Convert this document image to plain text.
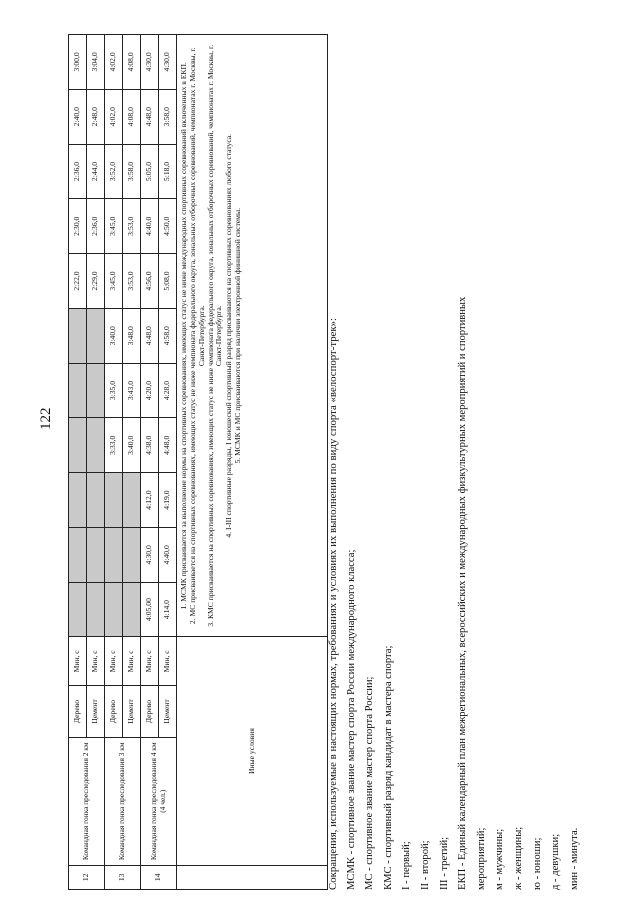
122
12	Командная гонка преследования 2 км	Дерево	Мин, с							2:22,0	2:30,0	2:36,0	2:40,0	3:00,0
		Цемент	Мин, с							2:29,0	2:36,0	2:44,0	2:48,0	3:04,0
13	Командная гонка преследования 3 км	Дерево	Мин, с				3:33,0	3:35,0	3:40,0	3:45,0	3:45,0	3:52,0	4:02,0	4:02,0
		Цемент	Мин, с				3:40,0	3:43,0	3:48,0	3:53,0	3:53,0	3:58,0	4:08,0	4:08,0
14	Командная гонка преследования 4 км (4 чел.)	Дерево	Мин, с	4:05,00	4:30,0	4:12,0	4:38,0	4:20,0	4:48,0	4:56,0	4:40,0	5:05,0	4:48,0	4:30,0
		Цемент	Мин, с	4:14,0	4:40,0	4:19,0	4:48,0	4:28,0	4:58,0	5:08,0	4:50,0	5:18,0	3:58,0	4:30,0
	Иные условия			1. МСМК присваивается за выполнение нормы на спортивных соревнованиях, имеющих статус не ниже международных спортивных соревнований включенных в ЕКП. 2. МС присваивается на спортивных соревнованиях, имеющих статус не ниже чемпионата федерального округа, зональных отборочных соревнований, чемпионатах г. Москвы, г. Санкт-Петербурга. 3. КМС присваивается на спортивных соревнованиях, имеющих статус не ниже чемпионата федерального округа, зональных отборочных соревнований, чемпионатах г. Москвы, г. Санкт-Петербурга. 4. I-III спортивные разряды, I юношеский спортивный разряд присваиваются на спортивных соревнованиях любого статуса. 5. МСМК и МС присваиваются при наличии электронной финишной системы.											Сокращения, используемые в настоящих нормах, требованиях и условиях их выполнения по виду спорта «велоспорт-трек»: МСМК - спортивное звание мастер спорта России международного класса; МС - спортивное звание мастер спорта России; КМС - спортивный разряд кандидат в мастера спорта; I - первый; II - второй; III - третий; ЕКП - Единый календарный план межрегиональных, всероссийских и международных физкультурных мероприятий и спортивных мероприятий; м - мужчины; ж - женщины; ю - юноши; д - девушки; мин - минута.
